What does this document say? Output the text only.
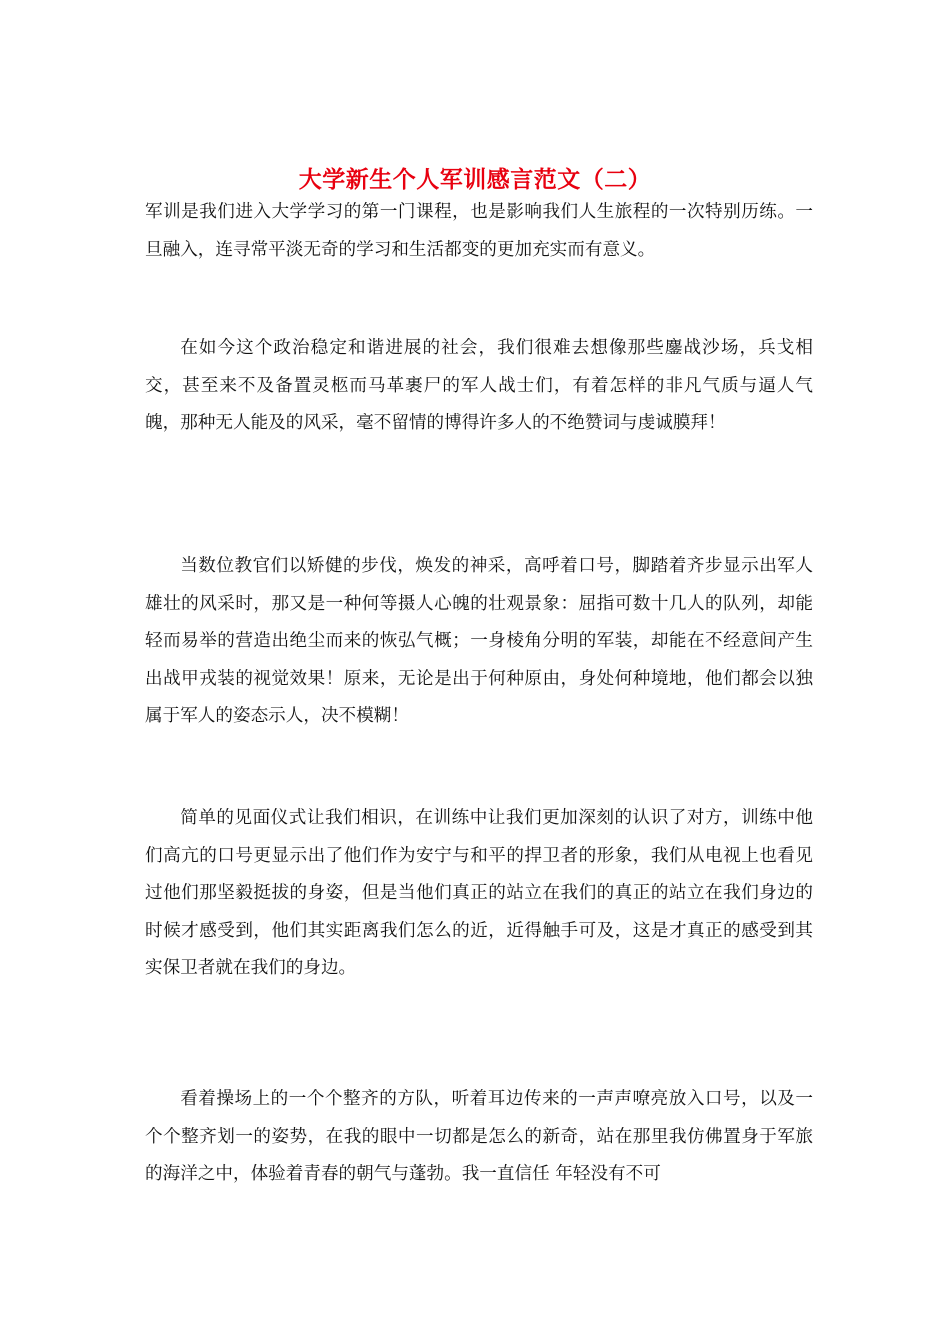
大学新生个人军训感言范文（二）

军训是我们进入大学学习的第一门课程，也是影响我们人生旅程的一次特别历练。一旦融入，连寻常平淡无奇的学习和生活都变的更加充实而有意义。

在如今这个政治稳定和谐进展的社会，我们很难去想像那些鏖战沙场，兵戈相交，甚至来不及备置灵柩而马革裹尸的军人战士们，有着怎样的非凡气质与逼人气魄，那种无人能及的风采，毫不留情的博得许多人的不绝赞词与虔诚膜拜！

当数位教官们以矫健的步伐，焕发的神采，高呼着口号，脚踏着齐步显示出军人雄壮的风采时，那又是一种何等摄人心魄的壮观景象：屈指可数十几人的队列，却能轻而易举的营造出绝尘而来的恢弘气概；一身棱角分明的军装，却能在不经意间产生出战甲戎装的视觉效果！原来，无论是出于何种原由，身处何种境地，他们都会以独属于军人的姿态示人，决不模糊！

简单的见面仪式让我们相识，在训练中让我们更加深刻的认识了对方，训练中他们高亢的口号更显示出了他们作为安宁与和平的捍卫者的形象，我们从电视上也看见过他们那坚毅挺拔的身姿，但是当他们真正的站立在我们的真正的站立在我们身边的时候才感受到，他们其实距离我们怎么的近，近得触手可及，这是才真正的感受到其实保卫者就在我们的身边。

看着操场上的一个个整齐的方队，听着耳边传来的一声声嘹亮放入口号，以及一个个整齐划一的姿势，在我的眼中一切都是怎么的新奇，站在那里我仿佛置身于军旅的海洋之中，体验着青春的朝气与蓬勃。我一直信任 年轻没有不可
